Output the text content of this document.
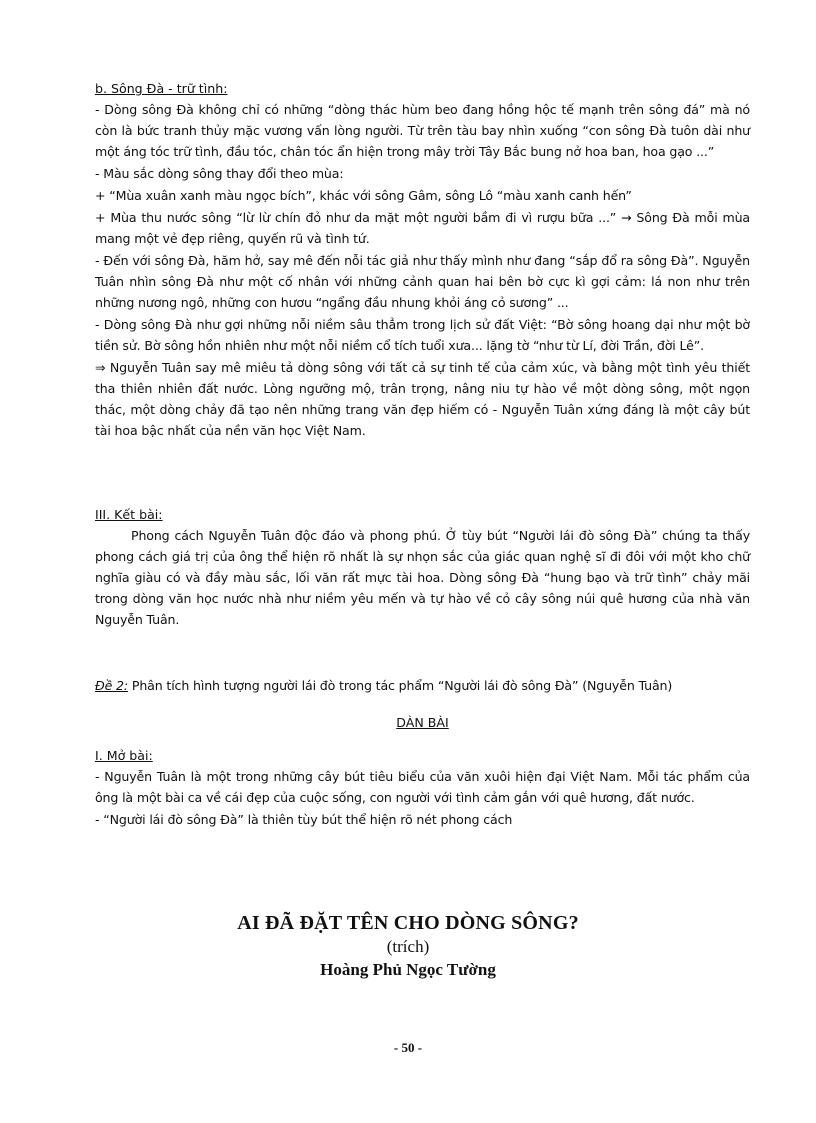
b. Sông Đà - trữ tình:

- Dòng sông Đà không chỉ có những “dòng thác hùm beo đang hồng hộc tế mạnh trên sông đá” mà nó còn là bức tranh thủy mặc vương vấn lòng người. Từ trên tàu bay nhìn xuống “con sông Đà tuôn dài như một áng tóc trữ tình, đầu tóc, chân tóc ẩn hiện trong mây trời Tây Bắc bung nở hoa ban, hoa gạo ...”

- Màu sắc dòng sông thay đổi theo mùa:

+ “Mùa xuân xanh màu ngọc bích”, khác với sông Gâm, sông Lô “màu xanh canh hến”

+ Mùa thu nước sông “lừ lừ chín đỏ như da mặt một người bầm đi vì rượu bữa ...” → Sông Đà mỗi mùa mang một vẻ đẹp riêng, quyến rũ và tình tứ.

- Đến với sông Đà, hăm hở, say mê đến nỗi tác giả như thấy mình như đang “sắp đổ ra sông Đà”. Nguyễn Tuân nhìn sông Đà như một cố nhân với những cảnh quan hai bên bờ cực kì gợi cảm: lá non như trên những nương ngô, những con hươu “ngẩng đầu nhung khỏi áng cỏ sương” ...

- Dòng sông Đà như gợi những nỗi niềm sâu thẳm trong lịch sử đất Việt: “Bờ sông hoang dại như một bờ tiền sử. Bờ sông hồn nhiên như một nỗi niềm cổ tích tuổi xưa... lặng tờ “như từ Lí, đời Trần, đời Lê”.

⇒ Nguyễn Tuân say mê miêu tả dòng sông với tất cả sự tinh tế của cảm xúc, và bằng một tình yêu thiết tha thiên nhiên đất nước. Lòng ngưỡng mộ, trân trọng, nâng niu tự hào về một dòng sông, một ngọn thác, một dòng chảy đã tạo nên những trang văn đẹp hiếm có - Nguyễn Tuân xứng đáng là một cây bút tài hoa bậc nhất của nền văn học Việt Nam.

III. Kết bài:

Phong cách Nguyễn Tuân độc đáo và phong phú. Ở tùy bút “Người lái đò sông Đà” chúng ta thấy phong cách giá trị của ông thể hiện rõ nhất là sự nhọn sắc của giác quan nghệ sĩ đi đôi với một kho chữ nghĩa giàu có và đầy màu sắc, lối văn rất mực tài hoa. Dòng sông Đà “hung bạo và trữ tình” chảy mãi trong dòng văn học nước nhà như niềm yêu mến và tự hào về cỏ cây sông núi quê hương của nhà văn Nguyễn Tuân.

Đề 2: Phân tích hình tượng người lái đò trong tác phẩm “Người lái đò sông Đà” (Nguyễn Tuân)

DÀN BÀI

I. Mở bài:

- Nguyễn Tuân là một trong những cây bút tiêu biểu của văn xuôi hiện đại Việt Nam. Mỗi tác phẩm của ông là một bài ca về cái đẹp của cuộc sống, con người với tình cảm gắn với quê hương, đất nước.

- “Người lái đò sông Đà” là thiên tùy bút thể hiện rõ nét phong cách

AI ĐÃ ĐẶT TÊN CHO DÒNG SÔNG?
(trích)
Hoàng Phủ Ngọc Tường
- 50 -
